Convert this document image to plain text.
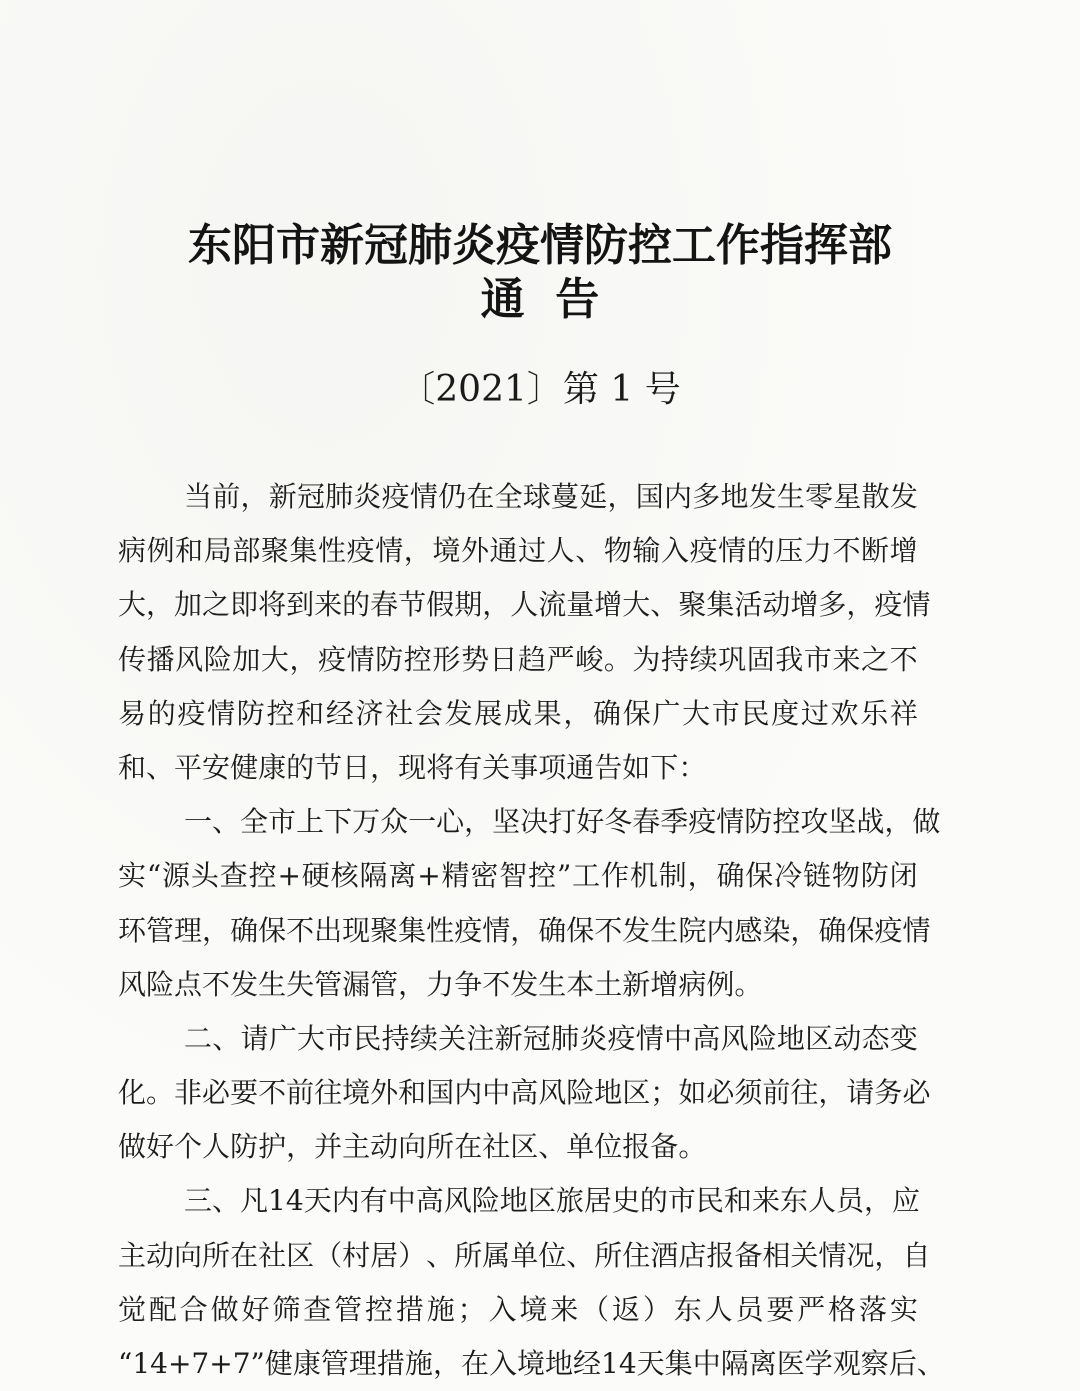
东阳市新冠肺炎疫情防控工作指挥部
通  告
〔2021〕第 1 号
当 前 ， 新 冠 肺 炎 疫 情 仍 在 全 球 蔓 延 ， 国 内 多 地 发 生 零 星 散 发
病 例 和 局 部 聚 集 性 疫 情 ， 境 外 通 过 人 、 物 输 入 疫 情 的 压 力 不 断 增
大 ， 加 之 即 将 到 来 的 春 节 假 期 ， 人 流 量 增 大 、 聚 集 活 动 增 多 ， 疫 情
传 播 风 险 加 大 ， 疫 情 防 控 形 势 日 趋 严 峻 。 为 持 续 巩 固 我 市 来 之 不
易 的 疫 情 防 控 和 经 济 社 会 发 展 成 果 ， 确 保 广 大 市 民 度 过 欢 乐 祥
和 、 平 安 健 康 的 节 日 ， 现 将 有 关 事 项 通 告 如 下 ：
一 、 全 市 上 下 万 众 一 心 ， 坚 决 打 好 冬 春 季 疫 情 防 控 攻 坚 战 ， 做
实 “ 源 头 查 控 + 硬 核 隔 离 + 精 密 智 控 ” 工 作 机 制 ， 确 保 冷 链 物 防 闭
环 管 理 ， 确 保 不 出 现 聚 集 性 疫 情 ， 确 保 不 发 生 院 内 感 染 ， 确 保 疫 情
风 险 点 不 发 生 失 管 漏 管 ， 力 争 不 发 生 本 土 新 增 病 例 。
二 、 请 广 大 市 民 持 续 关 注 新 冠 肺 炎 疫 情 中 高 风 险 地 区 动 态 变
化 。 非 必 要 不 前 往 境 外 和 国 内 中 高 风 险 地 区 ； 如 必 须 前 往 ， 请 务 必
做 好 个 人 防 护 ， 并 主 动 向 所 在 社 区 、 单 位 报 备 。
三 、 凡 14 天 内 有 中 高 风 险 地 区 旅 居 史 的 市 民 和 来 东 人 员 ， 应
主 动 向 所 在 社 区 （ 村 居 ） 、 所 属 单 位 、 所 住 酒 店 报 备 相 关 情 况 ， 自
觉 配 合 做 好 筛 查 管 控 措 施 ； 入 境 来 （ 返 ） 东 人 员 要 严 格 落 实
“ 14+7+7 ” 健 康 管 理 措 施 ， 在 入 境 地 经 14 天 集 中 隔 离 医 学 观 察 后 、
